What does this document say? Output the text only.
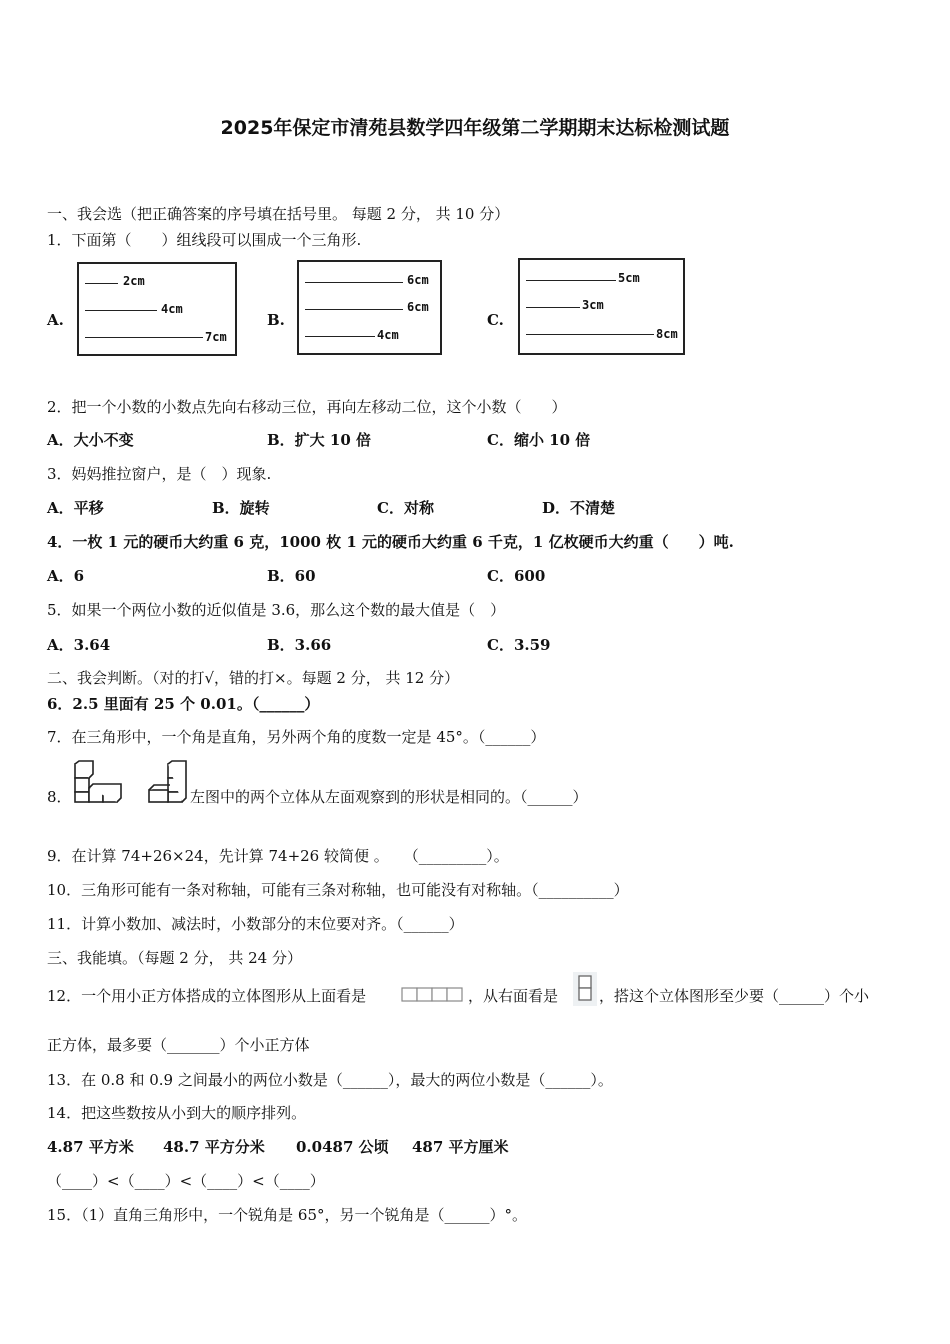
2025年保定市清苑县数学四年级第二学期期末达标检测试题
一、我会选（把正确答案的序号填在括号里。 每题 2 分， 共 10 分）
1．下面第（　　）组线段可以围成一个三角形.
A.
2cm
4cm
7cm
B.
6cm
6cm
4cm
C.
5cm
3cm
8cm
2．把一个小数的小数点先向右移动三位，再向左移动二位，这个小数（　　）
A．大小不变	B．扩大 10 倍	C．缩小 10 倍
3．妈妈推拉窗户，是（　）现象.
A．平移	B．旋转	C．对称	D．不清楚
4．一枚 1 元的硬币大约重 6 克，1000 枚 1 元的硬币大约重 6 千克，1 亿枚硬币大约重（　　）吨.
A．6	B．60	C．600
5．如果一个两位小数的近似值是 3.6，那么这个数的最大值是（　）
A．3.64	B．3.66	C．3.59
二、我会判断。（对的打√，错的打×。每题 2 分， 共 12 分）
6．2.5 里面有 25 个 0.01。（______）
7．在三角形中，一个角是直角，另外两个角的度数一定是 45°。（______）
8．	左图中的两个立体从左面观察到的形状是相同的。（______）
9．在计算 74+26×24，先计算 74+26 较简便 。　　（_________）。
10．三角形可能有一条对称轴，可能有三条对称轴，也可能没有对称轴。（__________）
11．计算小数加、减法时，小数部分的末位要对齐。（______）
三、我能填。（每题 2 分， 共 24 分）
12．一个用小正方体搭成的立体图形从上面看是	，从右面看是	，搭这个立体图形至少要（______）个小
正方体，最多要（_______）个小正方体
13．在 0.8 和 0.9 之间最小的两位小数是（______），最大的两位小数是（______）。
14．把这些数按从小到大的顺序排列。
4.87 平方米 48.7 平方分米 0.0487 公顷 487 平方厘米
（____）<（____）<（____）<（____）
15．（1）直角三角形中，一个锐角是 65°，另一个锐角是（______）°。
